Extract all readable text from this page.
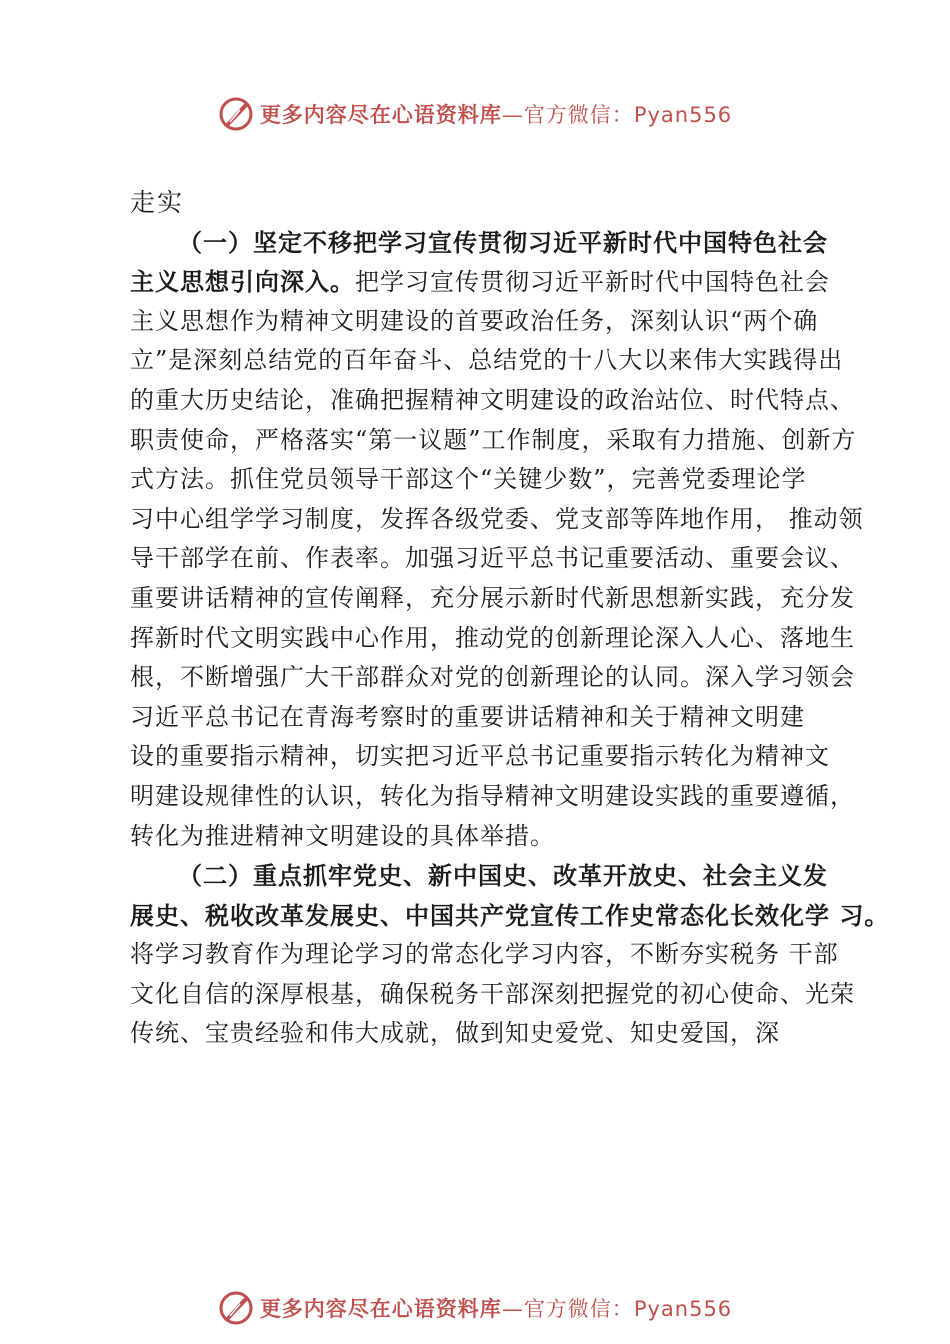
更多内容尽在心语资料库—官方微信：Pyan556
走实
（一）坚定不移把学习宣传贯彻习近平新时代中国特色社会
主义思想引向深入。把学习宣传贯彻习近平新时代中国特色社会
主义思想作为精神文明建设的首要政治任务，深刻认识“两个确
立”是深刻总结党的百年奋斗、总结党的十八大以来伟大实践得出
的重大历史结论，准确把握精神文明建设的政治站位、时代特点、
职责使命，严格落实“第一议题”工作制度，采取有力措施、创新方
式方法。抓住党员领导干部这个“关键少数”，完善党委理论学
习中心组学学习制度，发挥各级党委、党支部等阵地作用， 推动领
导干部学在前、作表率。加强习近平总书记重要活动、重要会议、
重要讲话精神的宣传阐释，充分展示新时代新思想新实践，充分发
挥新时代文明实践中心作用，推动党的创新理论深入人心、落地生
根，不断增强广大干部群众对党的创新理论的认同。深入学习领会
习近平总书记在青海考察时的重要讲话精神和关于精神文明建
设的重要指示精神，切实把习近平总书记重要指示转化为精神文
明建设规律性的认识，转化为指导精神文明建设实践的重要遵循，
转化为推进精神文明建设的具体举措。
（二）重点抓牢党史、新中国史、改革开放史、社会主义发
展史、税收改革发展史、中国共产党宣传工作史常态化长效化学 习。
将学习教育作为理论学习的常态化学习内容，不断夯实税务 干部
文化自信的深厚根基，确保税务干部深刻把握党的初心使命、光荣
传统、宝贵经验和伟大成就，做到知史爱党、知史爱国，深
更多内容尽在心语资料库—官方微信：Pyan556
